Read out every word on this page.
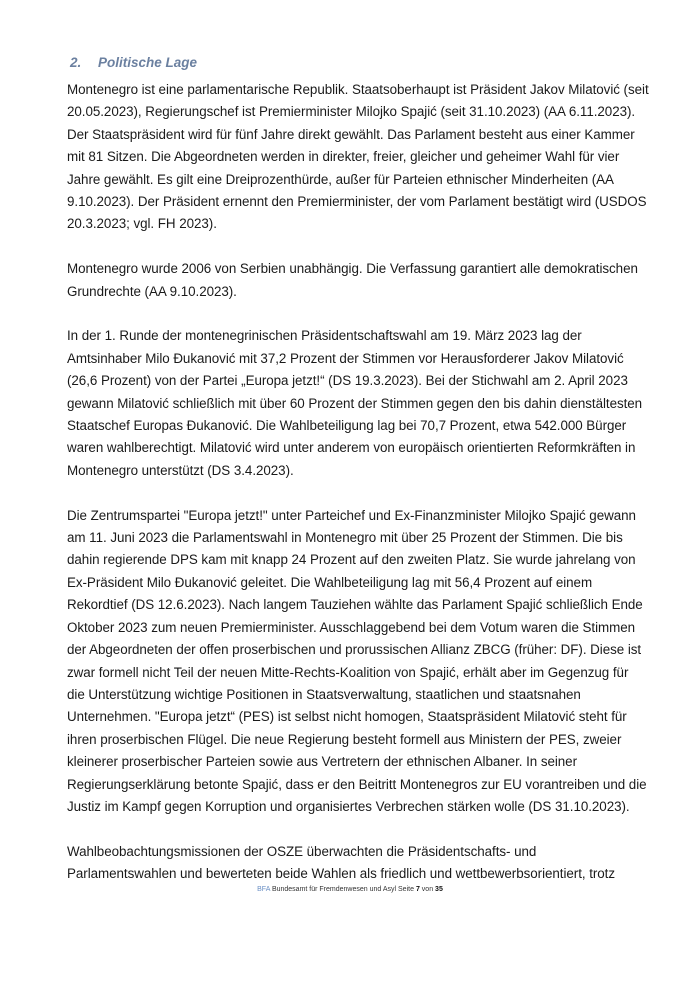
2.	Politische Lage

Montenegro ist eine parlamentarische Republik. Staatsoberhaupt ist Präsident Jakov Milatović (seit
20.05.2023), Regierungschef ist Premierminister Milojko Spajić (seit 31.10.2023) (AA 6.11.2023).
Der Staatspräsident wird für fünf Jahre direkt gewählt. Das Parlament besteht aus einer Kammer
mit 81 Sitzen. Die Abgeordneten werden in direkter, freier, gleicher und geheimer Wahl für vier
Jahre gewählt. Es gilt eine Dreiprozenthürde, außer für Parteien ethnischer Minderheiten (AA
9.10.2023). Der Präsident ernennt den Premierminister, der vom Parlament bestätigt wird (USDOS
20.3.2023; vgl. FH 2023).

Montenegro wurde 2006 von Serbien unabhängig. Die Verfassung garantiert alle demokratischen
Grundrechte (AA 9.10.2023).

In der 1. Runde der montenegrinischen Präsidentschaftswahl am 19. März 2023 lag der
Amtsinhaber Milo Đukanović mit 37,2 Prozent der Stimmen vor Herausforderer Jakov Milatović
(26,6 Prozent) von der Partei „Europa jetzt!“ (DS 19.3.2023). Bei der Stichwahl am 2. April 2023
gewann Milatović schließlich mit über 60 Prozent der Stimmen gegen den bis dahin dienstältesten
Staatschef Europas Đukanović. Die Wahlbeteiligung lag bei 70,7 Prozent, etwa 542.000 Bürger
waren wahlberechtigt. Milatović wird unter anderem von europäisch orientierten Reformkräften in
Montenegro unterstützt (DS 3.4.2023).

Die Zentrumspartei "Europa jetzt!" unter Parteichef und Ex-Finanzminister Milojko Spajić gewann
am 11. Juni 2023 die Parlamentswahl in Montenegro mit über 25 Prozent der Stimmen. Die bis
dahin regierende DPS kam mit knapp 24 Prozent auf den zweiten Platz. Sie wurde jahrelang von
Ex-Präsident Milo Đukanović geleitet. Die Wahlbeteiligung lag mit 56,4 Prozent auf einem
Rekordtief (DS 12.6.2023). Nach langem Tauziehen wählte das Parlament Spajić schließlich Ende
Oktober 2023 zum neuen Premierminister. Ausschlaggebend bei dem Votum waren die Stimmen
der Abgeordneten der offen proserbischen und prorussischen Allianz ZBCG (früher: DF). Diese ist
zwar formell nicht Teil der neuen Mitte-Rechts-Koalition von Spajić, erhält aber im Gegenzug für
die Unterstützung wichtige Positionen in Staatsverwaltung, staatlichen und staatsnahen
Unternehmen. "Europa jetzt“ (PES) ist selbst nicht homogen, Staatspräsident Milatović steht für
ihren proserbischen Flügel. Die neue Regierung besteht formell aus Ministern der PES, zweier
kleinerer proserbischer Parteien sowie aus Vertretern der ethnischen Albaner. In seiner
Regierungserklärung betonte Spajić, dass er den Beitritt Montenegros zur EU vorantreiben und die
Justiz im Kampf gegen Korruption und organisiertes Verbrechen stärken wolle (DS 31.10.2023).

Wahlbeobachtungsmissionen der OSZE überwachten die Präsidentschafts- und
Parlamentswahlen und bewerteten beide Wahlen als friedlich und wettbewerbsorientiert, trotz

BFA Bundesamt für Fremdenwesen und Asyl Seite 7 von 35
